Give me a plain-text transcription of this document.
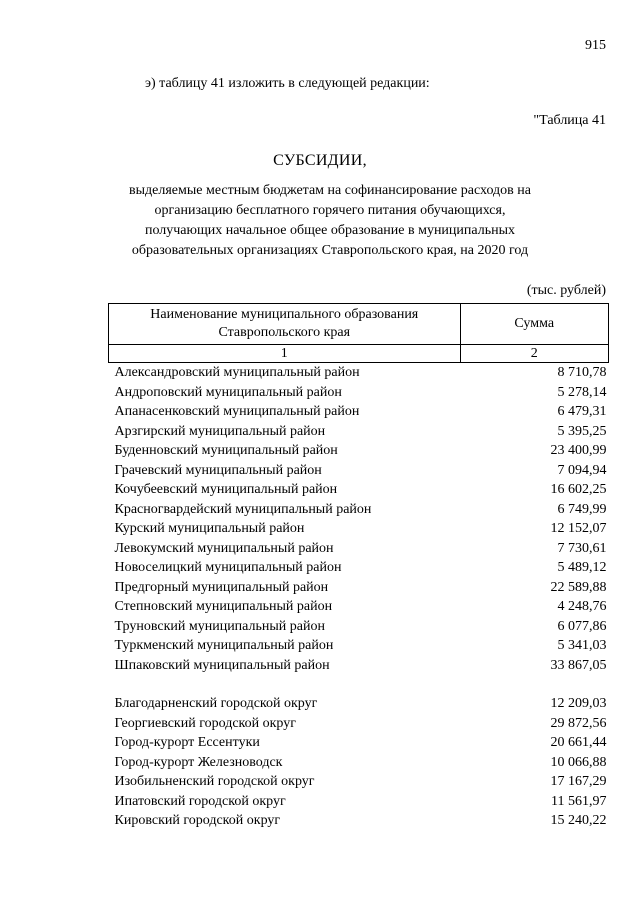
915
э) таблицу 41 изложить в следующей редакции:
"Таблица 41
СУБСИДИИ,
выделяемые местным бюджетам на софинансирование расходов на организацию бесплатного горячего питания обучающихся, получающих начальное общее образование в муниципальных образовательных организациях Ставропольского края, на 2020 год
(тыс. рублей)
Наименование муниципального образования Ставропольского края	Сумма
1	2
Александровский муниципальный район	8 710,78
Андроповский муниципальный район	5 278,14
Апанасенковский муниципальный район	6 479,31
Арзгирский муниципальный район	5 395,25
Буденновский муниципальный район	23 400,99
Грачевский муниципальный район	7 094,94
Кочубеевский муниципальный район	16 602,25
Красногвардейский муниципальный район	6 749,99
Курский муниципальный район	12 152,07
Левокумский муниципальный район	7 730,61
Новоселицкий муниципальный район	5 489,12
Предгорный муниципальный район	22 589,88
Степновский муниципальный район	4 248,76
Труновский муниципальный район	6 077,86
Туркменский муниципальный район	5 341,03
Шпаковский муниципальный район	33 867,05

Благодарненский городской округ	12 209,03
Георгиевский городской округ	29 872,56
Город-курорт Ессентуки	20 661,44
Город-курорт Железноводск	10 066,88
Изобильненский городской округ	17 167,29
Ипатовский городской округ	11 561,97
Кировский городской округ	15 240,22
